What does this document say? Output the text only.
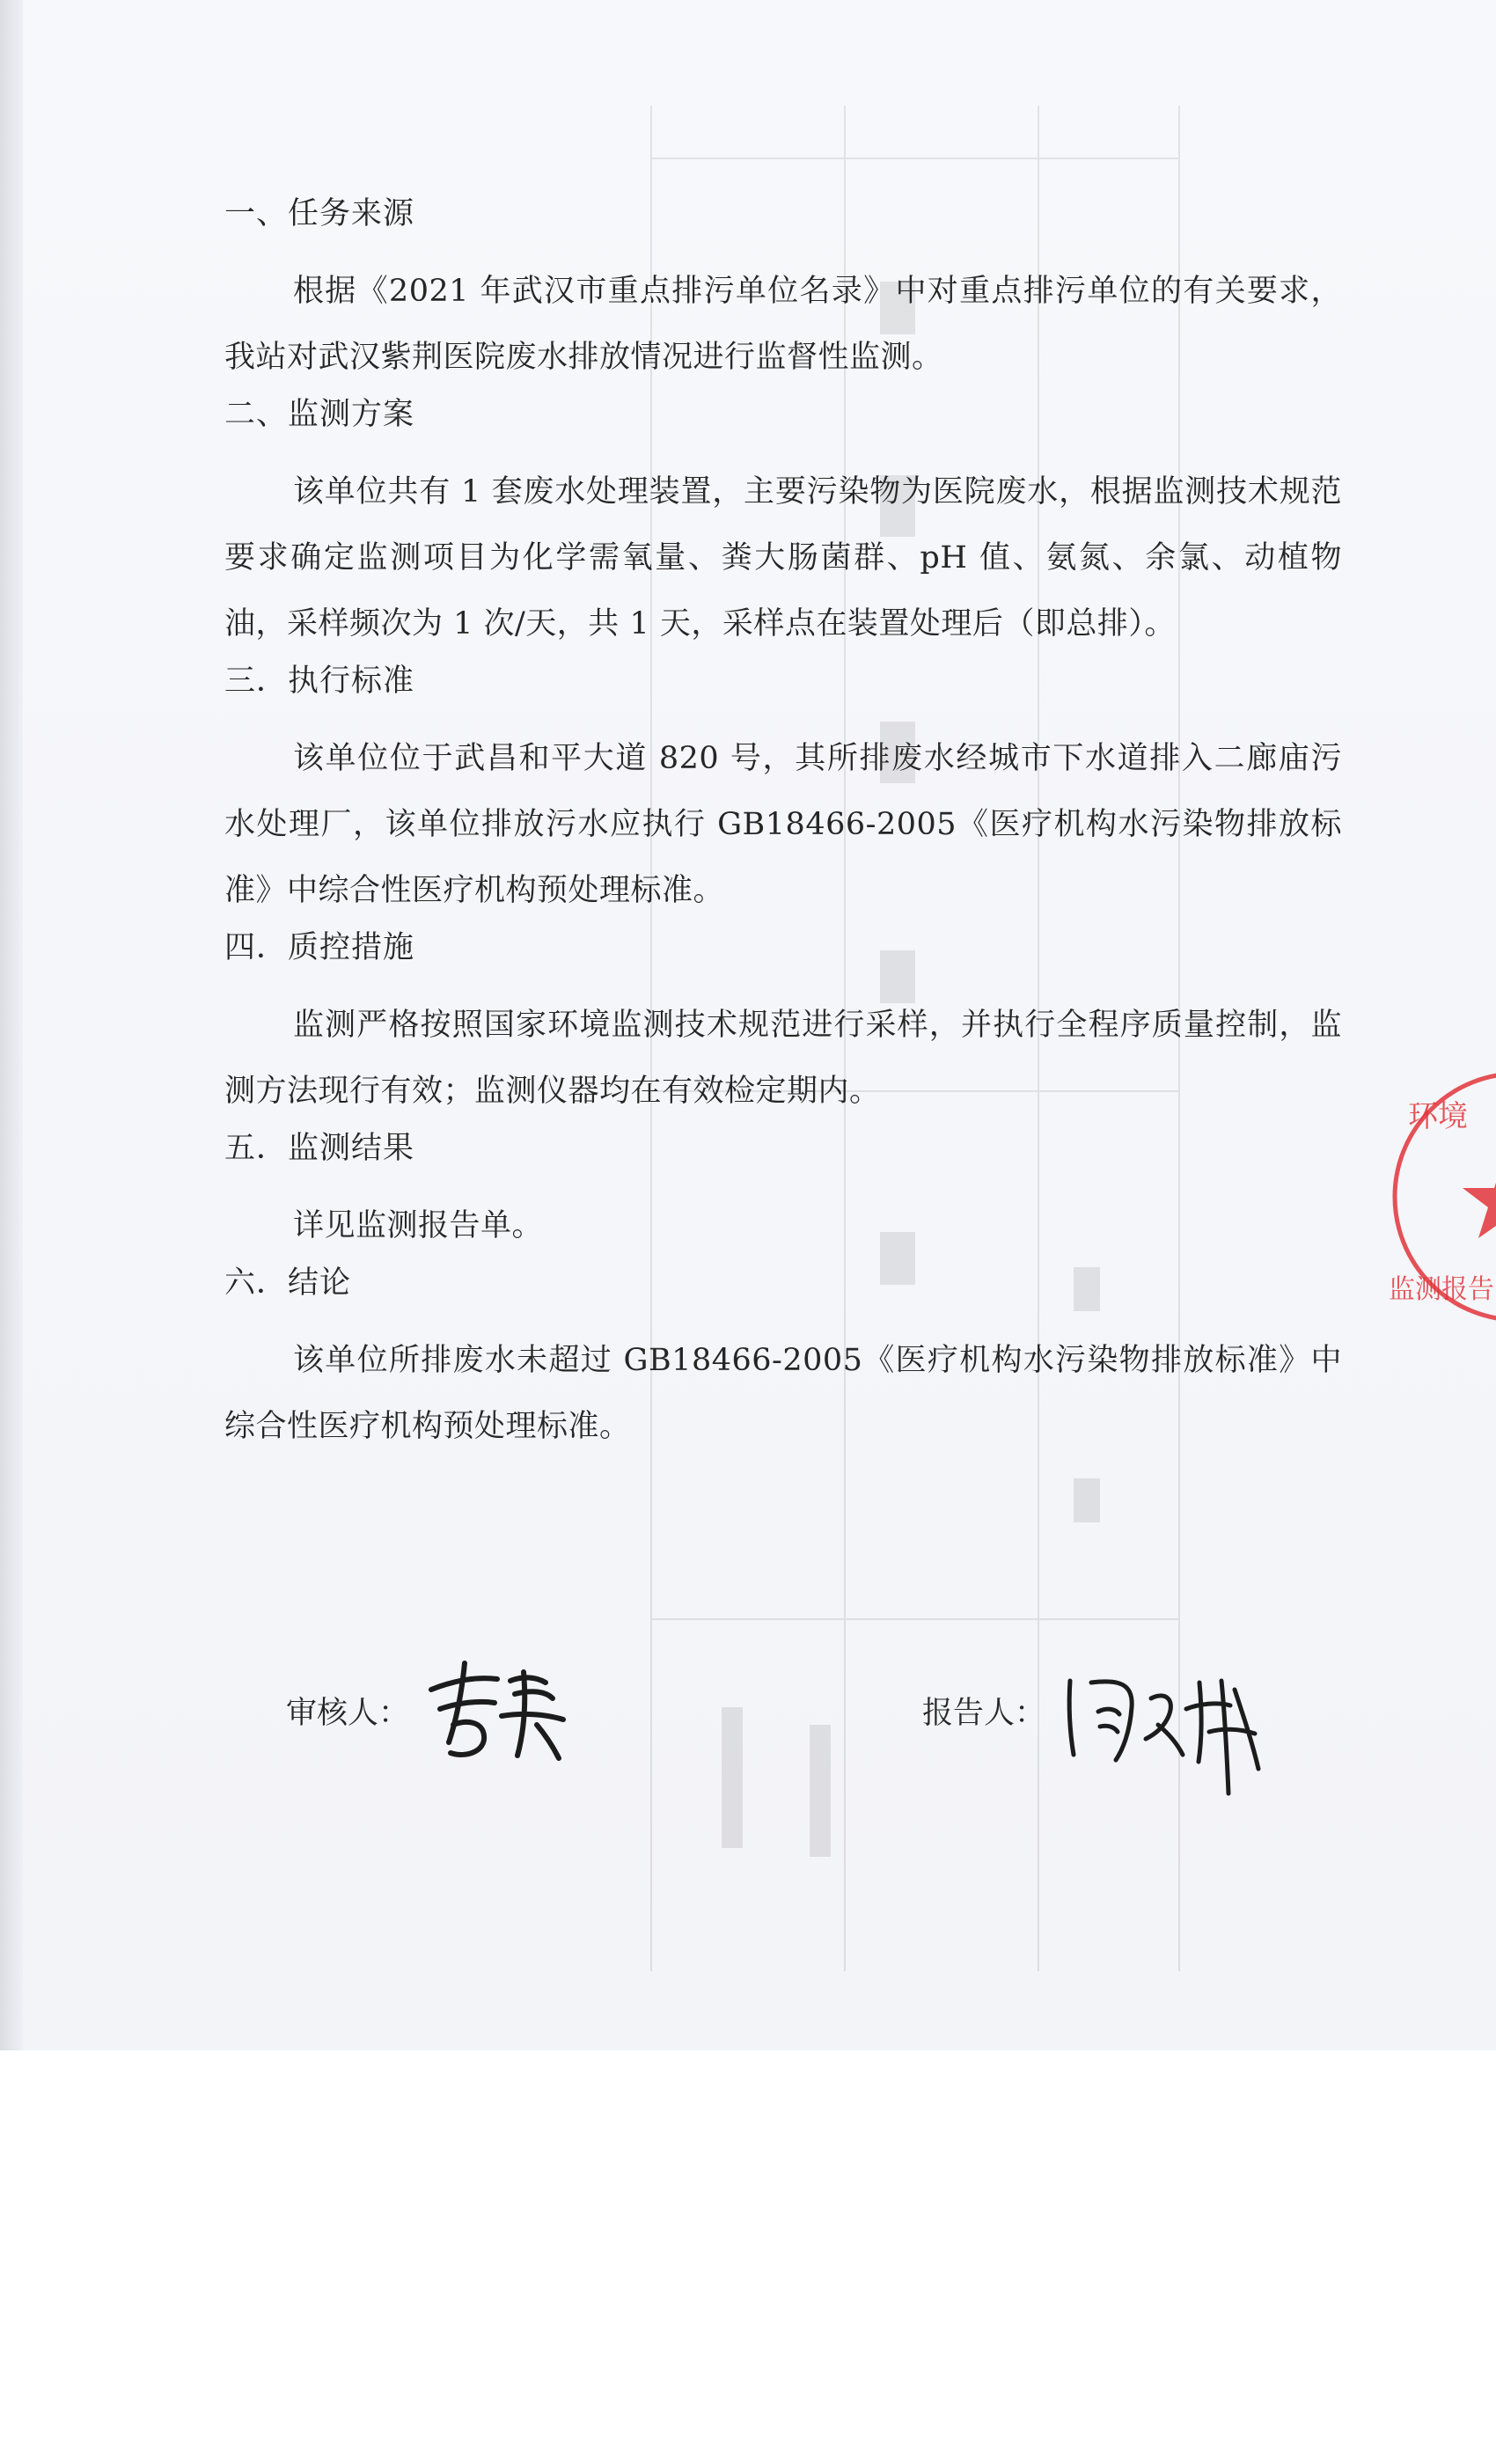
一、任务来源

根据《2021 年武汉市重点排污单位名录》中对重点排污单位的有关要求，我站对武汉紫荆医院废水排放情况进行监督性监测。

二、监测方案

该单位共有 1 套废水处理装置，主要污染物为医院废水，根据监测技术规范要求确定监测项目为化学需氧量、粪大肠菌群、pH 值、氨氮、余氯、动植物油，采样频次为 1 次/天，共 1 天，采样点在装置处理后（即总排）。

三．执行标准

该单位位于武昌和平大道 820 号，其所排废水经城市下水道排入二廊庙污水处理厂，该单位排放污水应执行 GB18466-2005《医疗机构水污染物排放标准》中综合性医疗机构预处理标准。

四．质控措施

监测严格按照国家环境监测技术规范进行采样，并执行全程序质量控制，监测方法现行有效；监测仪器均在有效检定期内。

五．监测结果

详见监测报告单。

六．结论

该单位所排废水未超过 GB18466-2005《医疗机构水污染物排放标准》中综合性医疗机构预处理标准。

审核人：	报告人：
环境
监测报告
